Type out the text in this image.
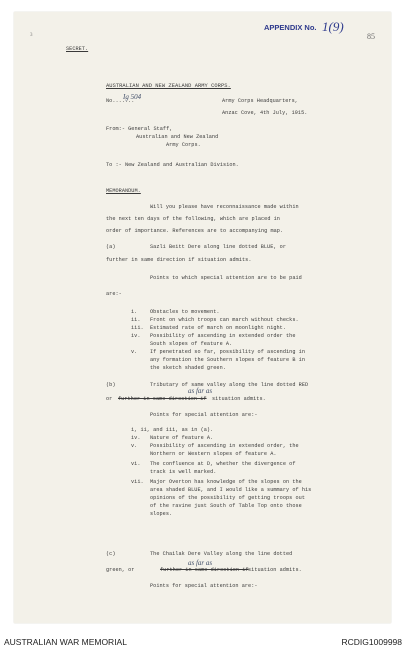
3
APPENDIX No. 1(9)
85
SECRET.
AUSTRALIAN AND NEW ZEALAND ARMY CORPS.
No.......
Ig 504	Army Corps Headquarters,
Anzac Cove, 4th July, 1915.
From:- General Staff,
Australian and New Zealand
Army Corps.
To :- New Zealand and Australian Division.
MEMORANDUM.
Will you please have reconnaissance made within
the next ten days of the following, which are placed in
order of importance. References are to accompanying map.
(a)	Sazli Beitt Dere along line dotted BLUE, or
further in same direction if situation admits.
Points to which special attention are to be paid
are:-
i. Obstacles to movement.
ii. Front on which troops can march without checks.
iii. Estimated rate of march on moonlight night.
iv. Possibility of ascending in extended order the
South slopes of feature A.
v. If penetrated so far, possibility of ascending in
any formation the Southern slopes of feature B in
the sketch shaded green.
(b)	Tributary of same valley along the line dotted RED
as far as
or further in same direction if situation admits.
Points for special attention are:-
i, ii, and iii, as in (a).
iv. Nature of feature A.
v. Possibility of ascending in extended order, the
Northern or Western slopes of feature A.
vi. The confluence at D, whether the divergence of
track is well marked.
vii. Major Overton has knowledge of the slopes on the
area shaded BLUE, and I would like a summary of his
opinions of the possibility of getting troops out
of the ravine just South of Table Top onto those
slopes.
(c)	The Chailak Dere Valley along the line dotted
as far as
green, or	further in same direction if situation admits.
Points for special attention are:-
AUSTRALIAN WAR MEMORIAL	RCDIG1009998
